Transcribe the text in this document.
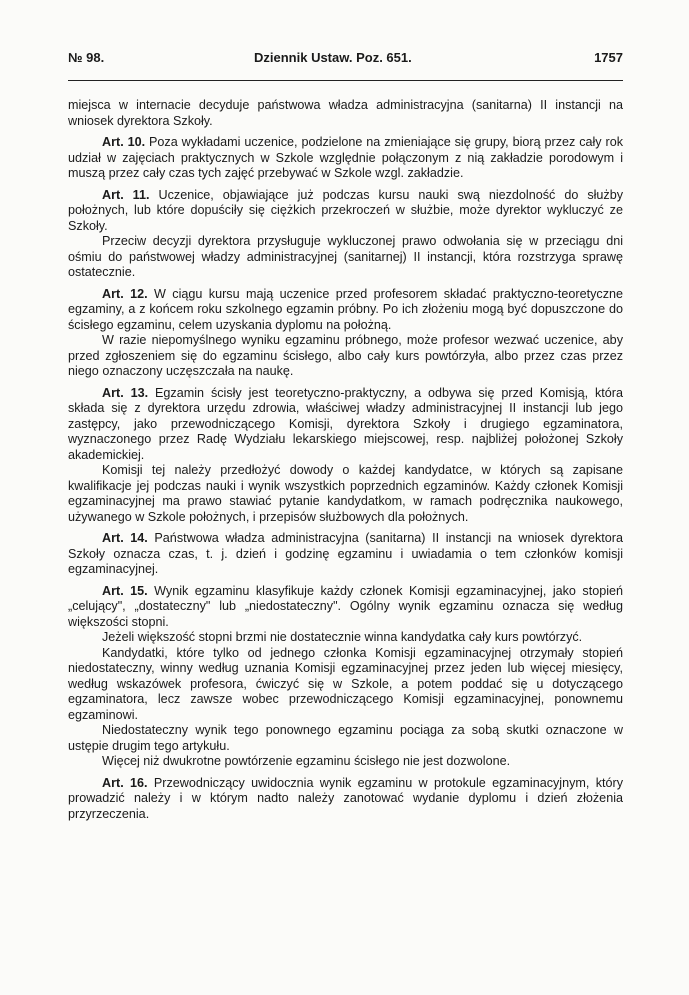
№ 98.	Dziennik Ustaw. Poz. 651.	1757

miejsca w internacie decyduje państwowa władza administracyjna (sanitarna) II instancji na wniosek dyrektora Szkoły.

Art. 10. Poza wykładami uczenice, podzielone na zmieniające się grupy, biorą przez cały rok udział w zajęciach praktycznych w Szkole względnie połączonym z nią zakładzie porodowym i muszą przez cały czas tych zajęć przebywać w Szkole wzgl. zakładzie.

Art. 11. Uczenice, objawiające już podczas kursu nauki swą niezdolność do służby położnych, lub które dopuściły się ciężkich przekroczeń w służbie, może dyrektor wykluczyć ze Szkoły.

Przeciw decyzji dyrektora przysługuje wykluczonej prawo odwołania się w przeciągu dni ośmiu do państwowej władzy administracyjnej (sanitarnej) II instancji, która rozstrzyga sprawę ostatecznie.

Art. 12. W ciągu kursu mają uczenice przed profesorem składać praktyczno-teoretyczne egzaminy, a z końcem roku szkolnego egzamin próbny. Po ich złożeniu mogą być dopuszczone do ścisłego egzaminu, celem uzyskania dyplomu na położną.

W razie niepomyślnego wyniku egzaminu próbnego, może profesor wezwać uczenice, aby przed zgłoszeniem się do egzaminu ścisłego, albo cały kurs powtórzyła, albo przez czas przez niego oznaczony uczęszczała na naukę.

Art. 13. Egzamin ścisły jest teoretyczno-praktyczny, a odbywa się przed Komisją, która składa się z dyrektora urzędu zdrowia, właściwej władzy administracyjnej II instancji lub jego zastępcy, jako przewodniczącego Komisji, dyrektora Szkoły i drugiego egzaminatora, wyznaczonego przez Radę Wydziału lekarskiego miejscowej, resp. najbliżej położonej Szkoły akademickiej.

Komisji tej należy przedłożyć dowody o każdej kandydatce, w których są zapisane kwalifikacje jej podczas nauki i wynik wszystkich poprzednich egzaminów. Każdy członek Komisji egzaminacyjnej ma prawo stawiać pytanie kandydatkom, w ramach podręcznika naukowego, używanego w Szkole położnych, i przepisów służbowych dla położnych.

Art. 14. Państwowa władza administracyjna (sanitarna) II instancji na wniosek dyrektora Szkoły oznacza czas, t. j. dzień i godzinę egzaminu i uwiadamia o tem członków komisji egzaminacyjnej.

Art. 15. Wynik egzaminu klasyfikuje każdy członek Komisji egzaminacyjnej, jako stopień „celujący", „dostateczny" lub „niedostateczny". Ogólny wynik egzaminu oznacza się według większości stopni.

Jeżeli większość stopni brzmi nie dostatecznie winna kandydatka cały kurs powtórzyć.

Kandydatki, które tylko od jednego członka Komisji egzaminacyjnej otrzymały stopień niedostateczny, winny według uznania Komisji egzaminacyjnej przez jeden lub więcej miesięcy, według wskazówek profesora, ćwiczyć się w Szkole, a potem poddać się u dotyczącego egzaminatora, lecz zawsze wobec przewodniczącego Komisji egzaminacyjnej, ponownemu egzaminowi.

Niedostateczny wynik tego ponownego egzaminu pociąga za sobą skutki oznaczone w ustępie drugim tego artykułu.

Więcej niż dwukrotne powtórzenie egzaminu ścisłego nie jest dozwolone.

Art. 16. Przewodniczący uwidocznia wynik egzaminu w protokule egzaminacyjnym, który prowadzić należy i w którym nadto należy zanotować wydanie dyplomu i dzień złożenia przyrzeczenia.
